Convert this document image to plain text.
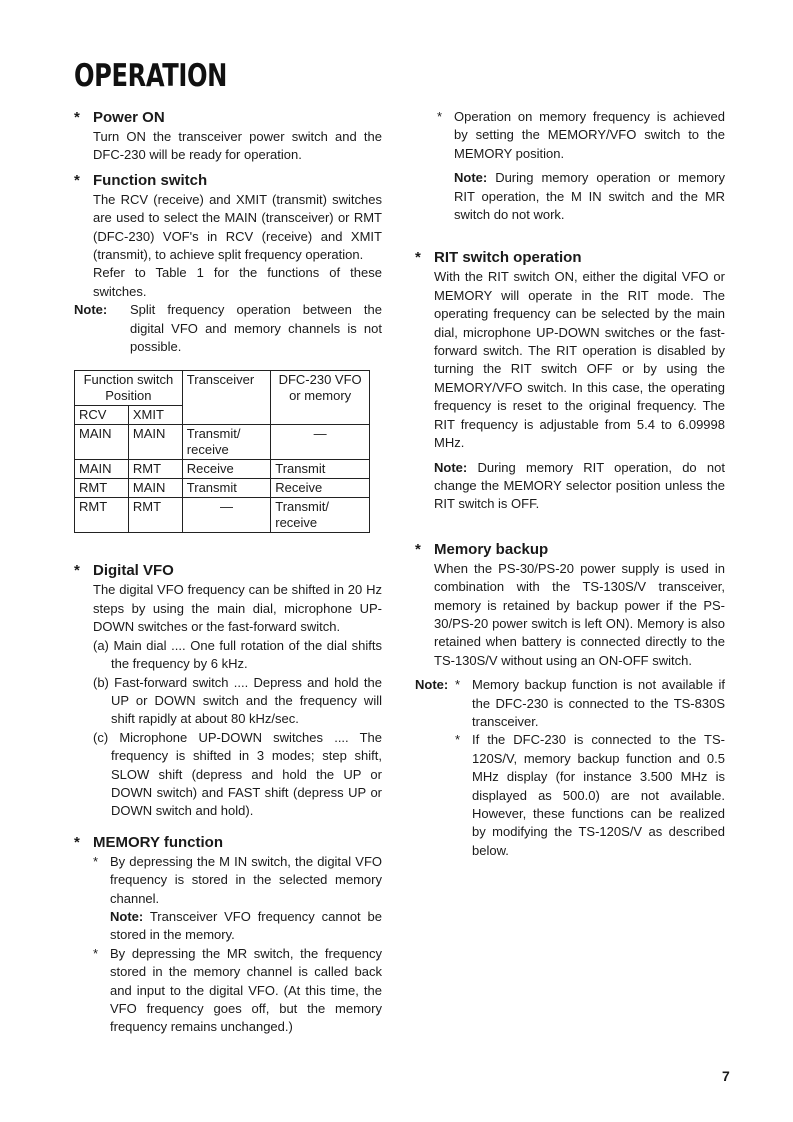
OPERATION
* Power ON

Turn ON the transceiver power switch and the DFC-230 will be ready for operation.

* Function switch

The RCV (receive) and XMIT (transmit) switches are used to select the MAIN (transceiver) or RMT (DFC-230) VOF's in RCV (receive) and XMIT (transmit), to achieve split frequency operation.

Refer to Table 1 for the functions of these switches.

Note:	Split frequency operation between the digital VFO and memory channels is not possible.
Function switch Position		Transceiver	DFC-230 VFO or memory
RCV	XMIT		
MAIN	MAIN	Transmit/ receive	—
MAIN	RMT	Receive	Transmit
RMT	MAIN	Transmit	Receive
RMT	RMT	—	Transmit/ receive
* Digital VFO

The digital VFO frequency can be shifted in 20 Hz steps by using the main dial, microphone UP-DOWN switches or the fast-forward switch.

(a) Main dial .... One full rotation of the dial shifts the frequency by 6 kHz.
(b) Fast-forward switch .... Depress and hold the UP or DOWN switch and the frequency will shift rapidly at about 80 kHz/sec.
(c) Microphone UP-DOWN switches .... The frequency is shifted in 3 modes; step shift, SLOW shift (depress and hold the UP or DOWN switch) and FAST shift (depress UP or DOWN switch and hold).
* MEMORY function
* By depressing the M IN switch, the digital VFO frequency is stored in the selected memory channel.
Note: Transceiver VFO frequency cannot be stored in the memory.
* By depressing the MR switch, the frequency stored in the memory channel is called back and input to the digital VFO. (At this time, the VFO frequency goes off, but the memory frequency remains unchanged.)
* Operation on memory frequency is achieved by setting the MEMORY/VFO switch to the MEMORY position.
Note: During memory operation or memory RIT operation, the M IN switch and the MR switch do not work.
* RIT switch operation

With the RIT switch ON, either the digital VFO or MEMORY will operate in the RIT mode. The operating frequency can be selected by the main dial, microphone UP-DOWN switches or the fast-forward switch. The RIT operation is disabled by turning the RIT switch OFF or by using the MEMORY/VFO switch. In this case, the operating frequency is reset to the original frequency. The RIT frequency is adjustable from 5.4 to 6.09998 MHz.

Note: During memory RIT operation, do not change the MEMORY selector position unless the RIT switch is OFF.
* Memory backup

When the PS-30/PS-20 power supply is used in combination with the TS-130S/V transceiver, memory is retained by backup power if the PS-30/PS-20 power switch is left ON). Memory is also retained when battery is connected directly to the TS-130S/V without using an ON-OFF switch.

Note: * Memory backup function is not available if the DFC-230 is connected to the TS-830S transceiver.
* If the DFC-230 is connected to the TS-120S/V, memory backup function and 0.5 MHz display (for instance 3.500 MHz is displayed as 500.0) are not available. However, these functions can be realized by modifying the TS-120S/V as described below.
7
